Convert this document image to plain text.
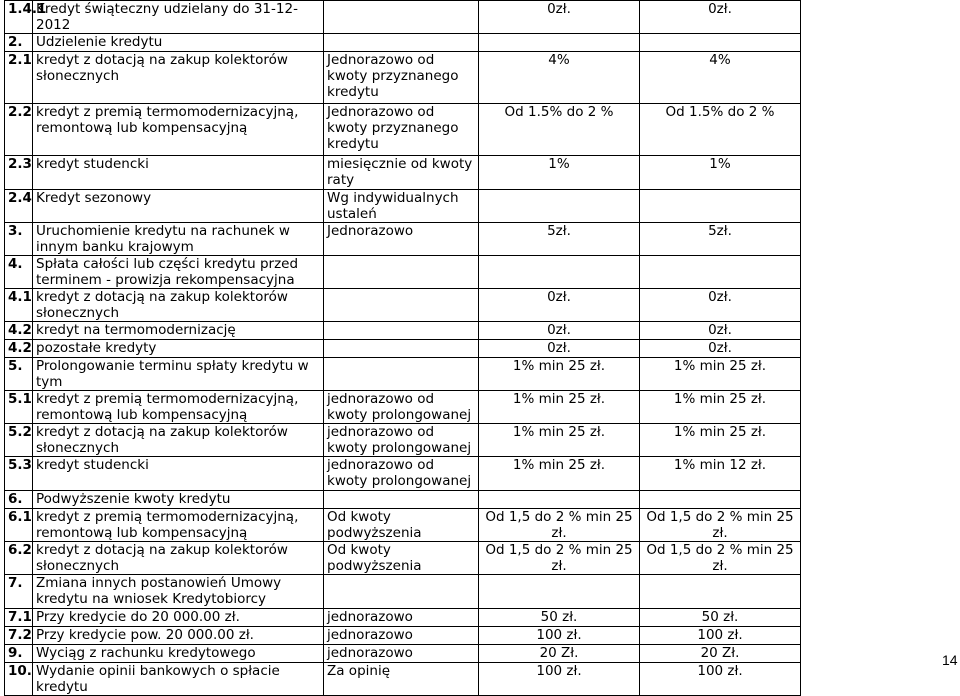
1.4.1	Kredyt świąteczny udzielany do 31-12-2012		0zł.	0zł.
2.	Udzielenie kredytu			
2.1	kredyt z dotacją na zakup kolektorów słonecznych	Jednorazowo od kwoty przyznanego kredytu	4%	4%
2.2	kredyt z premią termomodernizacyjną, remontową lub kompensacyjną	Jednorazowo od kwoty przyznanego kredytu	Od 1.5% do 2 %	Od 1.5% do 2 %
2.3	kredyt studencki	miesięcznie od kwoty raty	1%	1%
2.4	Kredyt sezonowy	Wg indywidualnych ustaleń		
3.	Uruchomienie kredytu na rachunek w innym banku krajowym	Jednorazowo	5zł.	5zł.
4.	Spłata całości lub części kredytu przed terminem - prowizja rekompensacyjna			
4.1	kredyt z dotacją na zakup kolektorów słonecznych		0zł.	0zł.
4.2	kredyt na termomodernizację		0zł.	0zł.
4.2	pozostałe kredyty		0zł.	0zł.
5.	Prolongowanie terminu spłaty kredytu w tym		1% min 25 zł.	1% min 25 zł.
5.1	kredyt z premią termomodernizacyjną, remontową lub kompensacyjną	jednorazowo od kwoty prolongowanej	1% min 25 zł.	1% min 25 zł.
5.2	kredyt z dotacją na zakup kolektorów słonecznych	jednorazowo od kwoty prolongowanej	1% min 25 zł.	1% min 25 zł.
5.3	kredyt studencki	jednorazowo od kwoty prolongowanej	1% min 25 zł.	1% min 12 zł.
6.	Podwyższenie kwoty kredytu			
6.1	kredyt z premią termomodernizacyjną, remontową lub kompensacyjną	Od kwoty podwyższenia	Od 1,5 do 2 % min 25 zł.	Od 1,5 do 2 % min 25 zł.
6.2	kredyt z dotacją na zakup kolektorów słonecznych	Od kwoty podwyższenia	Od 1,5 do 2 % min 25 zł.	Od 1,5 do 2 % min 25 zł.
7.	Zmiana innych postanowień Umowy kredytu na wniosek Kredytobiorcy			
7.1	Przy kredycie do 20 000.00 zł.	jednorazowo	50 zł.	50 zł.
7.2	Przy kredycie pow. 20 000.00 zł.	jednorazowo	100 zł.	100 zł.
9.	Wyciąg z rachunku kredytowego	jednorazowo	20 Zł.	20 Zł.
10.	Wydanie opinii bankowych o spłacie kredytu	Za opinię	100 zł.	100 zł.
14
